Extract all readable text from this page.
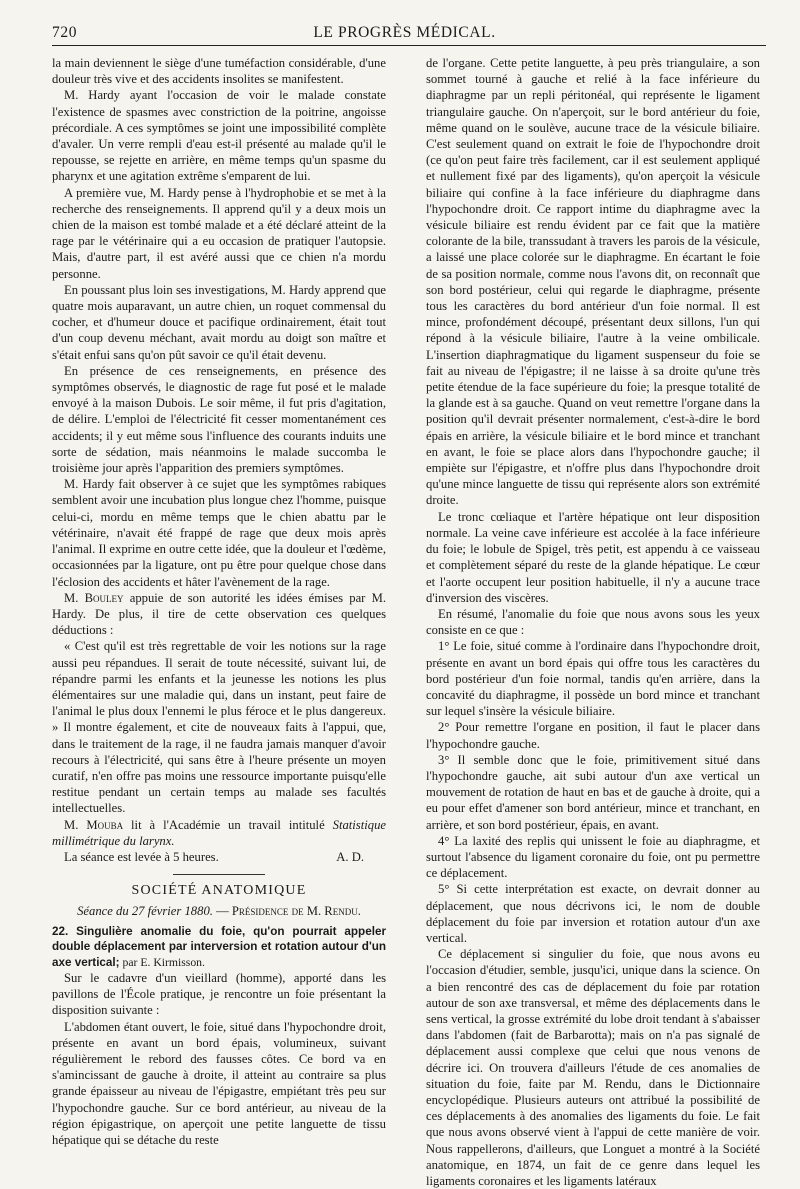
720	LE PROGRÈS MÉDICAL.

la main deviennent le siège d'une tuméfaction considérable, d'une douleur très vive et des accidents insolites se manifestent.

M. Hardy ayant l'occasion de voir le malade constate l'existence de spasmes avec constriction de la poitrine, angoisse précordiale. A ces symptômes se joint une impossibilité complète d'avaler. Un verre rempli d'eau est-il présenté au malade qu'il le repousse, se rejette en arrière, en même temps qu'un spasme du pharynx et une agitation extrême s'emparent de lui.

A première vue, M. Hardy pense à l'hydrophobie et se met à la recherche des renseignements. Il apprend qu'il y a deux mois un chien de la maison est tombé malade et a été déclaré atteint de la rage par le vétérinaire qui a eu occasion de pratiquer l'autopsie. Mais, d'autre part, il est avéré aussi que ce chien n'a mordu personne.

En poussant plus loin ses investigations, M. Hardy apprend que quatre mois auparavant, un autre chien, un roquet commensal du cocher, et d'humeur douce et pacifique ordinairement, était tout d'un coup devenu méchant, avait mordu au doigt son maître et s'était enfui sans qu'on pût savoir ce qu'il était devenu.

En présence de ces renseignements, en présence des symptômes observés, le diagnostic de rage fut posé et le malade envoyé à la maison Dubois. Le soir même, il fut pris d'agitation, de délire. L'emploi de l'électricité fit cesser momentanément ces accidents; il y eut même sous l'influence des courants induits une sorte de sédation, mais néanmoins le malade succomba le troisième jour après l'apparition des premiers symptômes.

M. Hardy fait observer à ce sujet que les symptômes rabiques semblent avoir une incubation plus longue chez l'homme, puisque celui-ci, mordu en même temps que le chien abattu par le vétérinaire, n'avait été frappé de rage que deux mois après l'animal. Il exprime en outre cette idée, que la douleur et l'œdème, occasionnées par la ligature, ont pu être pour quelque chose dans l'éclosion des accidents et hâter l'avènement de la rage.

M. Bouley appuie de son autorité les idées émises par M. Hardy. De plus, il tire de cette observation ces quelques déductions :

« C'est qu'il est très regrettable de voir les notions sur la rage aussi peu répandues. Il serait de toute nécessité, suivant lui, de répandre parmi les enfants et la jeunesse les notions les plus élémentaires sur une maladie qui, dans un instant, peut faire de l'animal le plus doux l'ennemi le plus féroce et le plus dangereux. » Il montre également, et cite de nouveaux faits à l'appui, que, dans le traitement de la rage, il ne faudra jamais manquer d'avoir recours à l'électricité, qui sans être à l'heure présente un moyen curatif, n'en offre pas moins une ressource importante puisqu'elle restitue pendant un certain temps au malade ses facultés intellectuelles.

M. Mouba lit à l'Académie un travail intitulé Statistique millimétrique du larynx.

La séance est levée à 5 heures.	A. D.
SOCIÉTÉ ANATOMIQUE
Séance du 27 février 1880. — Présidence de M. Rendu.

22. Singulière anomalie du foie, qu'on pourrait appeler double déplacement par interversion et rotation autour d'un axe vertical; par E. Kirmisson.

Sur le cadavre d'un vieillard (homme), apporté dans les pavillons de l'École pratique, je rencontre un foie présentant la disposition suivante :

L'abdomen étant ouvert, le foie, situé dans l'hypochondre droit, présente en avant un bord épais, volumineux, suivant régulièrement le rebord des fausses côtes. Ce bord va en s'amincissant de gauche à droite, il atteint au contraire sa plus grande épaisseur au niveau de l'épigastre, empiétant très peu sur l'hypochondre gauche. Sur ce bord antérieur, au niveau de la région épigastrique, on aperçoit une petite languette de tissu hépatique qui se détache du reste

de l'organe. Cette petite languette, à peu près triangulaire, a son sommet tourné à gauche et relié à la face inférieure du diaphragme par un repli péritonéal, qui représente le ligament triangulaire gauche. On n'aperçoit, sur le bord antérieur du foie, même quand on le soulève, aucune trace de la vésicule biliaire. C'est seulement quand on extrait le foie de l'hypochondre droit (ce qu'on peut faire très facilement, car il est seulement appliqué et nullement fixé par des ligaments), qu'on aperçoit la vésicule biliaire qui confine à la face inférieure du diaphragme dans l'hypochondre droit. Ce rapport intime du diaphragme avec la vésicule biliaire est rendu évident par ce fait que la matière colorante de la bile, transsudant à travers les parois de la vésicule, a laissé une place colorée sur le diaphragme. En écartant le foie de sa position normale, comme nous l'avons dit, on reconnaît que son bord postérieur, celui qui regarde le diaphragme, présente tous les caractères du bord antérieur d'un foie normal. Il est mince, profondément découpé, présentant deux sillons, l'un qui répond à la vésicule biliaire, l'autre à la veine ombilicale. L'insertion diaphragmatique du ligament suspenseur du foie se fait au niveau de l'épigastre; il ne laisse à sa droite qu'une très petite étendue de la face supérieure du foie; la presque totalité de la glande est à sa gauche. Quand on veut remettre l'organe dans la position qu'il devrait présenter normalement, c'est-à-dire le bord épais en arrière, la vésicule biliaire et le bord mince et tranchant en avant, le foie se place alors dans l'hypochondre gauche; il empiète sur l'épigastre, et n'offre plus dans l'hypochondre droit qu'une mince languette de tissu qui représente alors son extrémité droite.

Le tronc cœliaque et l'artère hépatique ont leur disposition normale. La veine cave inférieure est accolée à la face inférieure du foie; le lobule de Spigel, très petit, est appendu à ce vaisseau et complètement séparé du reste de la glande hépatique. Le cœur et l'aorte occupent leur position habituelle, il n'y a aucune trace d'inversion des viscères.

En résumé, l'anomalie du foie que nous avons sous les yeux consiste en ce que :

1° Le foie, situé comme à l'ordinaire dans l'hypochondre droit, présente en avant un bord épais qui offre tous les caractères du bord postérieur d'un foie normal, tandis qu'en arrière, dans la concavité du diaphragme, il possède un bord mince et tranchant sur lequel s'insère la vésicule biliaire.

2° Pour remettre l'organe en position, il faut le placer dans l'hypochondre gauche.

3° Il semble donc que le foie, primitivement situé dans l'hypochondre gauche, ait subi autour d'un axe vertical un mouvement de rotation de haut en bas et de gauche à droite, qui a eu pour effet d'amener son bord antérieur, mince et tranchant, en arrière, et son bord postérieur, épais, en avant.

4° La laxité des replis qui unissent le foie au diaphragme, et surtout l'absence du ligament coronaire du foie, ont pu permettre ce déplacement.

5° Si cette interprétation est exacte, on devrait donner au déplacement, que nous décrivons ici, le nom de double déplacement du foie par inversion et rotation autour d'un axe vertical.

Ce déplacement si singulier du foie, que nous avons eu l'occasion d'étudier, semble, jusqu'ici, unique dans la science. On a bien rencontré des cas de déplacement du foie par rotation autour de son axe transversal, et même des déplacements dans le sens vertical, la grosse extrémité du lobe droit tendant à s'abaisser dans l'abdomen (fait de Barbarotta); mais on n'a pas signalé de déplacement aussi complexe que celui que nous venons de décrire ici. On trouvera d'ailleurs l'étude de ces anomalies de situation du foie, faite par M. Rendu, dans le Dictionnaire encyclopédique. Plusieurs auteurs ont attribué la possibilité de ces déplacements à des anomalies des ligaments du foie. Le fait que nous avons observé vient à l'appui de cette manière de voir. Nous rappellerons, d'ailleurs, que Longuet a montré à la Société anatomique, en 1874, un fait de ce genre dans lequel les ligaments coronaires et les ligaments latéraux
